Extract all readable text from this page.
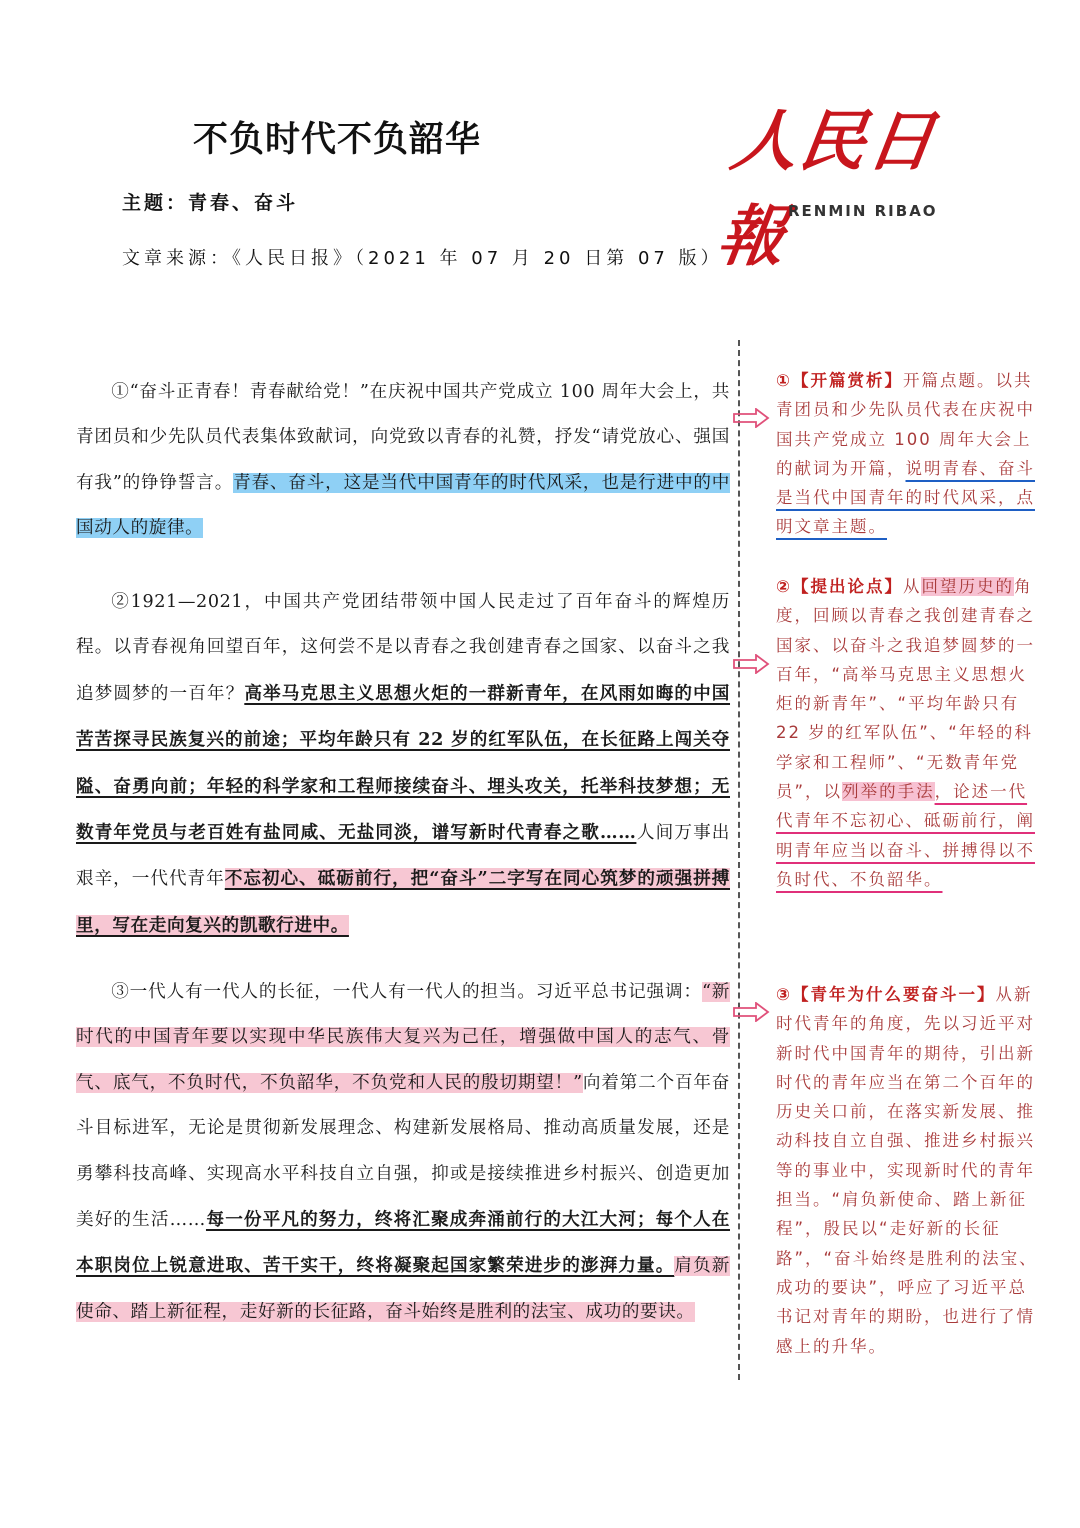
不负时代不负韶华
主题：青春、奋斗
文章来源：《人民日报》（2021 年 07 月 20 日第 07 版）
人民日報
RENMIN RIBAO
①“奋斗正青春！青春献给党！”在庆祝中国共产党成立 100 周年大会上，共青团员和少先队员代表集体致献词，向党致以青春的礼赞，抒发“请党放心、强国有我”的铮铮誓言。青春、奋斗，这是当代中国青年的时代风采，也是行进中的中国动人的旋律。
②1921—2021，中国共产党团结带领中国人民走过了百年奋斗的辉煌历程。以青春视角回望百年，这何尝不是以青春之我创建青春之国家、以奋斗之我追梦圆梦的一百年？高举马克思主义思想火炬的一群新青年，在风雨如晦的中国苦苦探寻民族复兴的前途；平均年龄只有 22 岁的红军队伍，在长征路上闯关夺隘、奋勇向前；年轻的科学家和工程师接续奋斗、埋头攻关，托举科技梦想；无数青年党员与老百姓有盐同咸、无盐同淡，谱写新时代青春之歌……人间万事出艰辛，一代代青年不忘初心、砥砺前行，把“奋斗”二字写在同心筑梦的顽强拼搏里，写在走向复兴的凯歌行进中。
③一代人有一代人的长征，一代人有一代人的担当。习近平总书记强调：“新时代的中国青年要以实现中华民族伟大复兴为己任，增强做中国人的志气、骨气、底气，不负时代，不负韶华，不负党和人民的殷切期望！”向着第二个百年奋斗目标进军，无论是贯彻新发展理念、构建新发展格局、推动高质量发展，还是勇攀科技高峰、实现高水平科技自立自强，抑或是接续推进乡村振兴、创造更加美好的生活……每一份平凡的努力，终将汇聚成奔涌前行的大江大河；每个人在本职岗位上锐意进取、苦干实干，终将凝聚起国家繁荣进步的澎湃力量。肩负新使命、踏上新征程，走好新的长征路，奋斗始终是胜利的法宝、成功的要诀。
①【开篇赏析】开篇点题。以共青团员和少先队员代表在庆祝中国共产党成立 100 周年大会上的献词为开篇，说明青春、奋斗是当代中国青年的时代风采，点明文章主题。
②【提出论点】从回望历史的角度，回顾以青春之我创建青春之国家、以奋斗之我追梦圆梦的一百年，“高举马克思主义思想火炬的新青年”、“平均年龄只有 22 岁的红军队伍”、“年轻的科学家和工程师”、“无数青年党员”，以列举的手法，论述一代代青年不忘初心、砥砺前行，阐明青年应当以奋斗、拼搏得以不负时代、不负韶华。
③【青年为什么要奋斗一】从新时代青年的角度，先以习近平对新时代中国青年的期待，引出新时代的青年应当在第二个百年的历史关口前，在落实新发展、推动科技自立自强、推进乡村振兴等的事业中，实现新时代的青年担当。“肩负新使命、踏上新征程”，殷民以“走好新的长征路”，“奋斗始终是胜利的法宝、成功的要诀”，呼应了习近平总书记对青年的期盼，也进行了情感上的升华。
